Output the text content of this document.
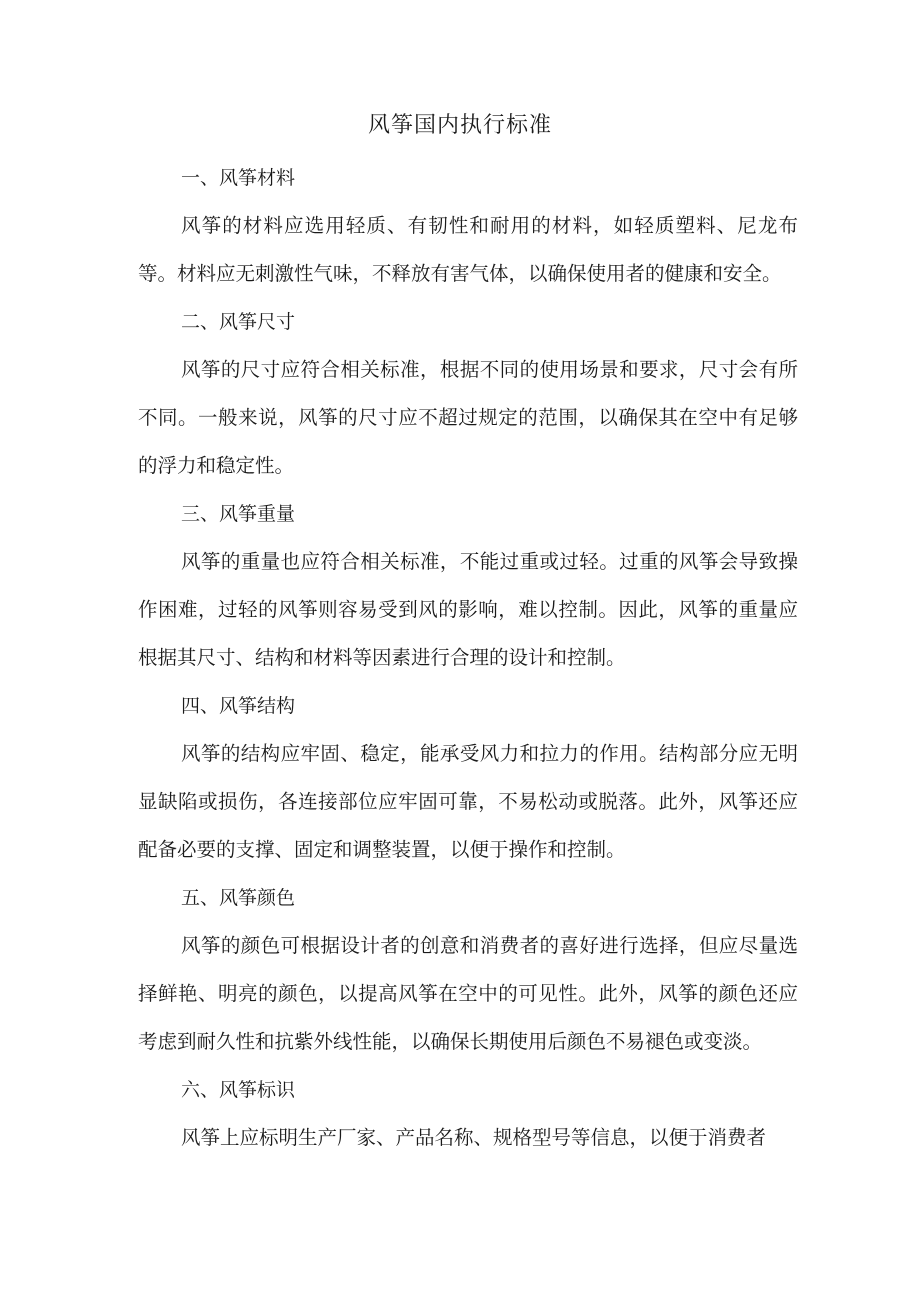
风筝国内执行标准

一、风筝材料

风筝的材料应选用轻质、有韧性和耐用的材料，如轻质塑料、尼龙布等。材料应无刺激性气味，不释放有害气体，以确保使用者的健康和安全。

二、风筝尺寸

风筝的尺寸应符合相关标准，根据不同的使用场景和要求，尺寸会有所不同。一般来说，风筝的尺寸应不超过规定的范围，以确保其在空中有足够的浮力和稳定性。

三、风筝重量

风筝的重量也应符合相关标准，不能过重或过轻。过重的风筝会导致操作困难，过轻的风筝则容易受到风的影响，难以控制。因此，风筝的重量应根据其尺寸、结构和材料等因素进行合理的设计和控制。

四、风筝结构

风筝的结构应牢固、稳定，能承受风力和拉力的作用。结构部分应无明显缺陷或损伤，各连接部位应牢固可靠，不易松动或脱落。此外，风筝还应配备必要的支撑、固定和调整装置，以便于操作和控制。

五、风筝颜色

风筝的颜色可根据设计者的创意和消费者的喜好进行选择，但应尽量选择鲜艳、明亮的颜色，以提高风筝在空中的可见性。此外，风筝的颜色还应考虑到耐久性和抗紫外线性能，以确保长期使用后颜色不易褪色或变淡。

六、风筝标识

风筝上应标明生产厂家、产品名称、规格型号等信息，以便于消费者
